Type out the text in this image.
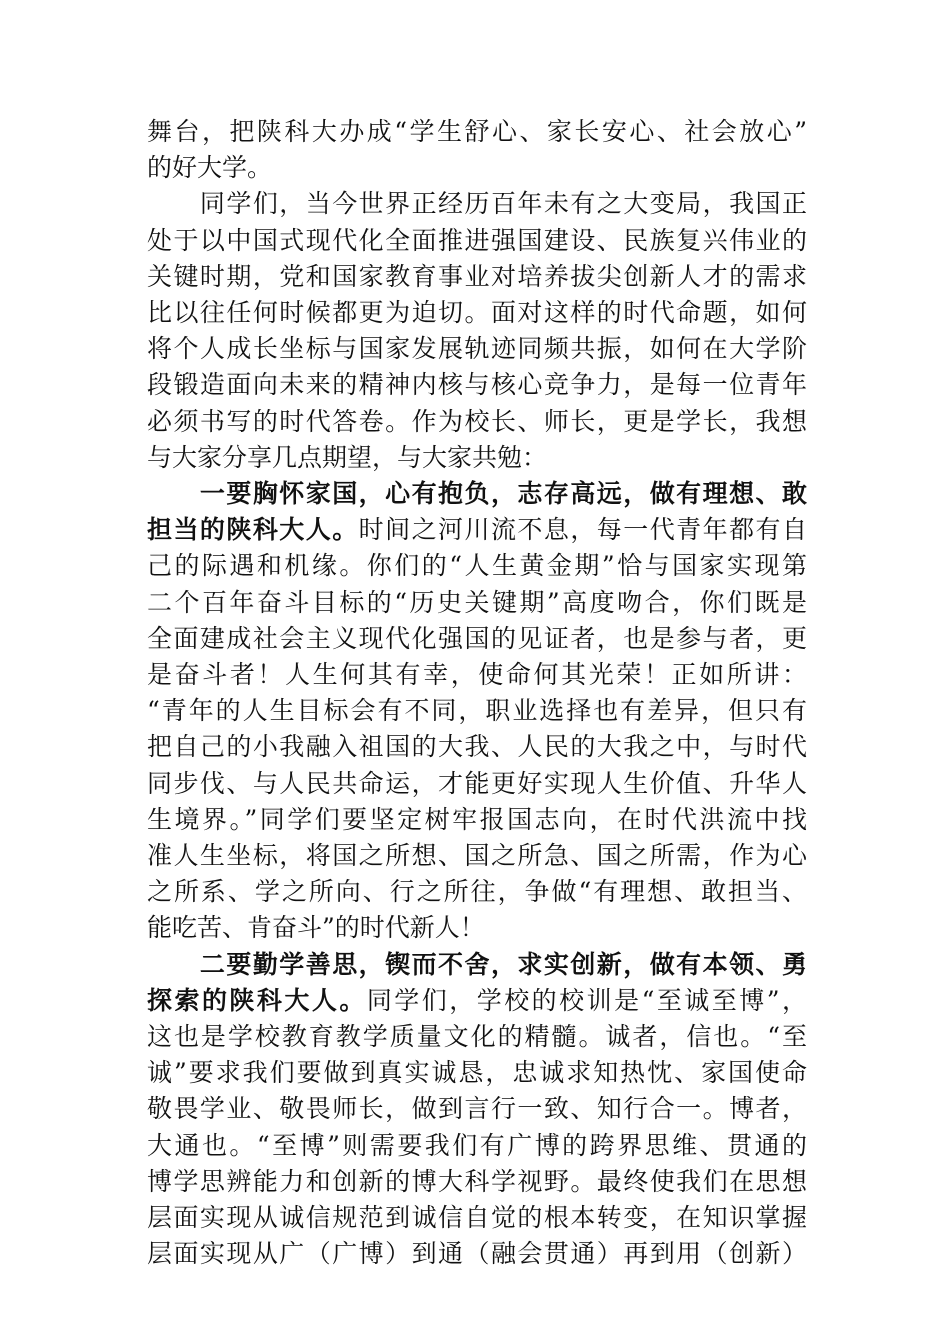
舞台，把陕科大办成“学生舒心、家长安心、社会放心”
的好大学。
　　同学们，当今世界正经历百年未有之大变局，我国正
处于以中国式现代化全面推进强国建设、民族复兴伟业的
关键时期，党和国家教育事业对培养拔尖创新人才的需求
比以往任何时候都更为迫切。面对这样的时代命题，如何
将个人成长坐标与国家发展轨迹同频共振，如何在大学阶
段锻造面向未来的精神内核与核心竞争力，是每一位青年
必须书写的时代答卷。作为校长、师长，更是学长，我想
与大家分享几点期望，与大家共勉：
　　一要胸怀家国，心有抱负，志存高远，做有理想、敢
担当的陕科大人。时间之河川流不息，每一代青年都有自
己的际遇和机缘。你们的“人生黄金期”恰与国家实现第
二个百年奋斗目标的“历史关键期”高度吻合，你们既是
全面建成社会主义现代化强国的见证者，也是参与者，更
是奋斗者！人生何其有幸，使命何其光荣！正如所讲：
“青年的人生目标会有不同，职业选择也有差异，但只有
把自己的小我融入祖国的大我、人民的大我之中，与时代
同步伐、与人民共命运，才能更好实现人生价值、升华人
生境界。”同学们要坚定树牢报国志向，在时代洪流中找
准人生坐标，将国之所想、国之所急、国之所需，作为心
之所系、学之所向、行之所往，争做“有理想、敢担当、
能吃苦、肯奋斗”的时代新人！
　　二要勤学善思，锲而不舍，求实创新，做有本领、勇
探索的陕科大人。同学们，学校的校训是“至诚至博”，
这也是学校教育教学质量文化的精髓。诚者，信也。“至
诚”要求我们要做到真实诚恳，忠诚求知热忱、家国使命
敬畏学业、敬畏师长，做到言行一致、知行合一。博者，
大通也。“至博”则需要我们有广博的跨界思维、贯通的
博学思辨能力和创新的博大科学视野。最终使我们在思想
层面实现从诚信规范到诚信自觉的根本转变，在知识掌握
层面实现从广（广博）到通（融会贯通）再到用（创新）
